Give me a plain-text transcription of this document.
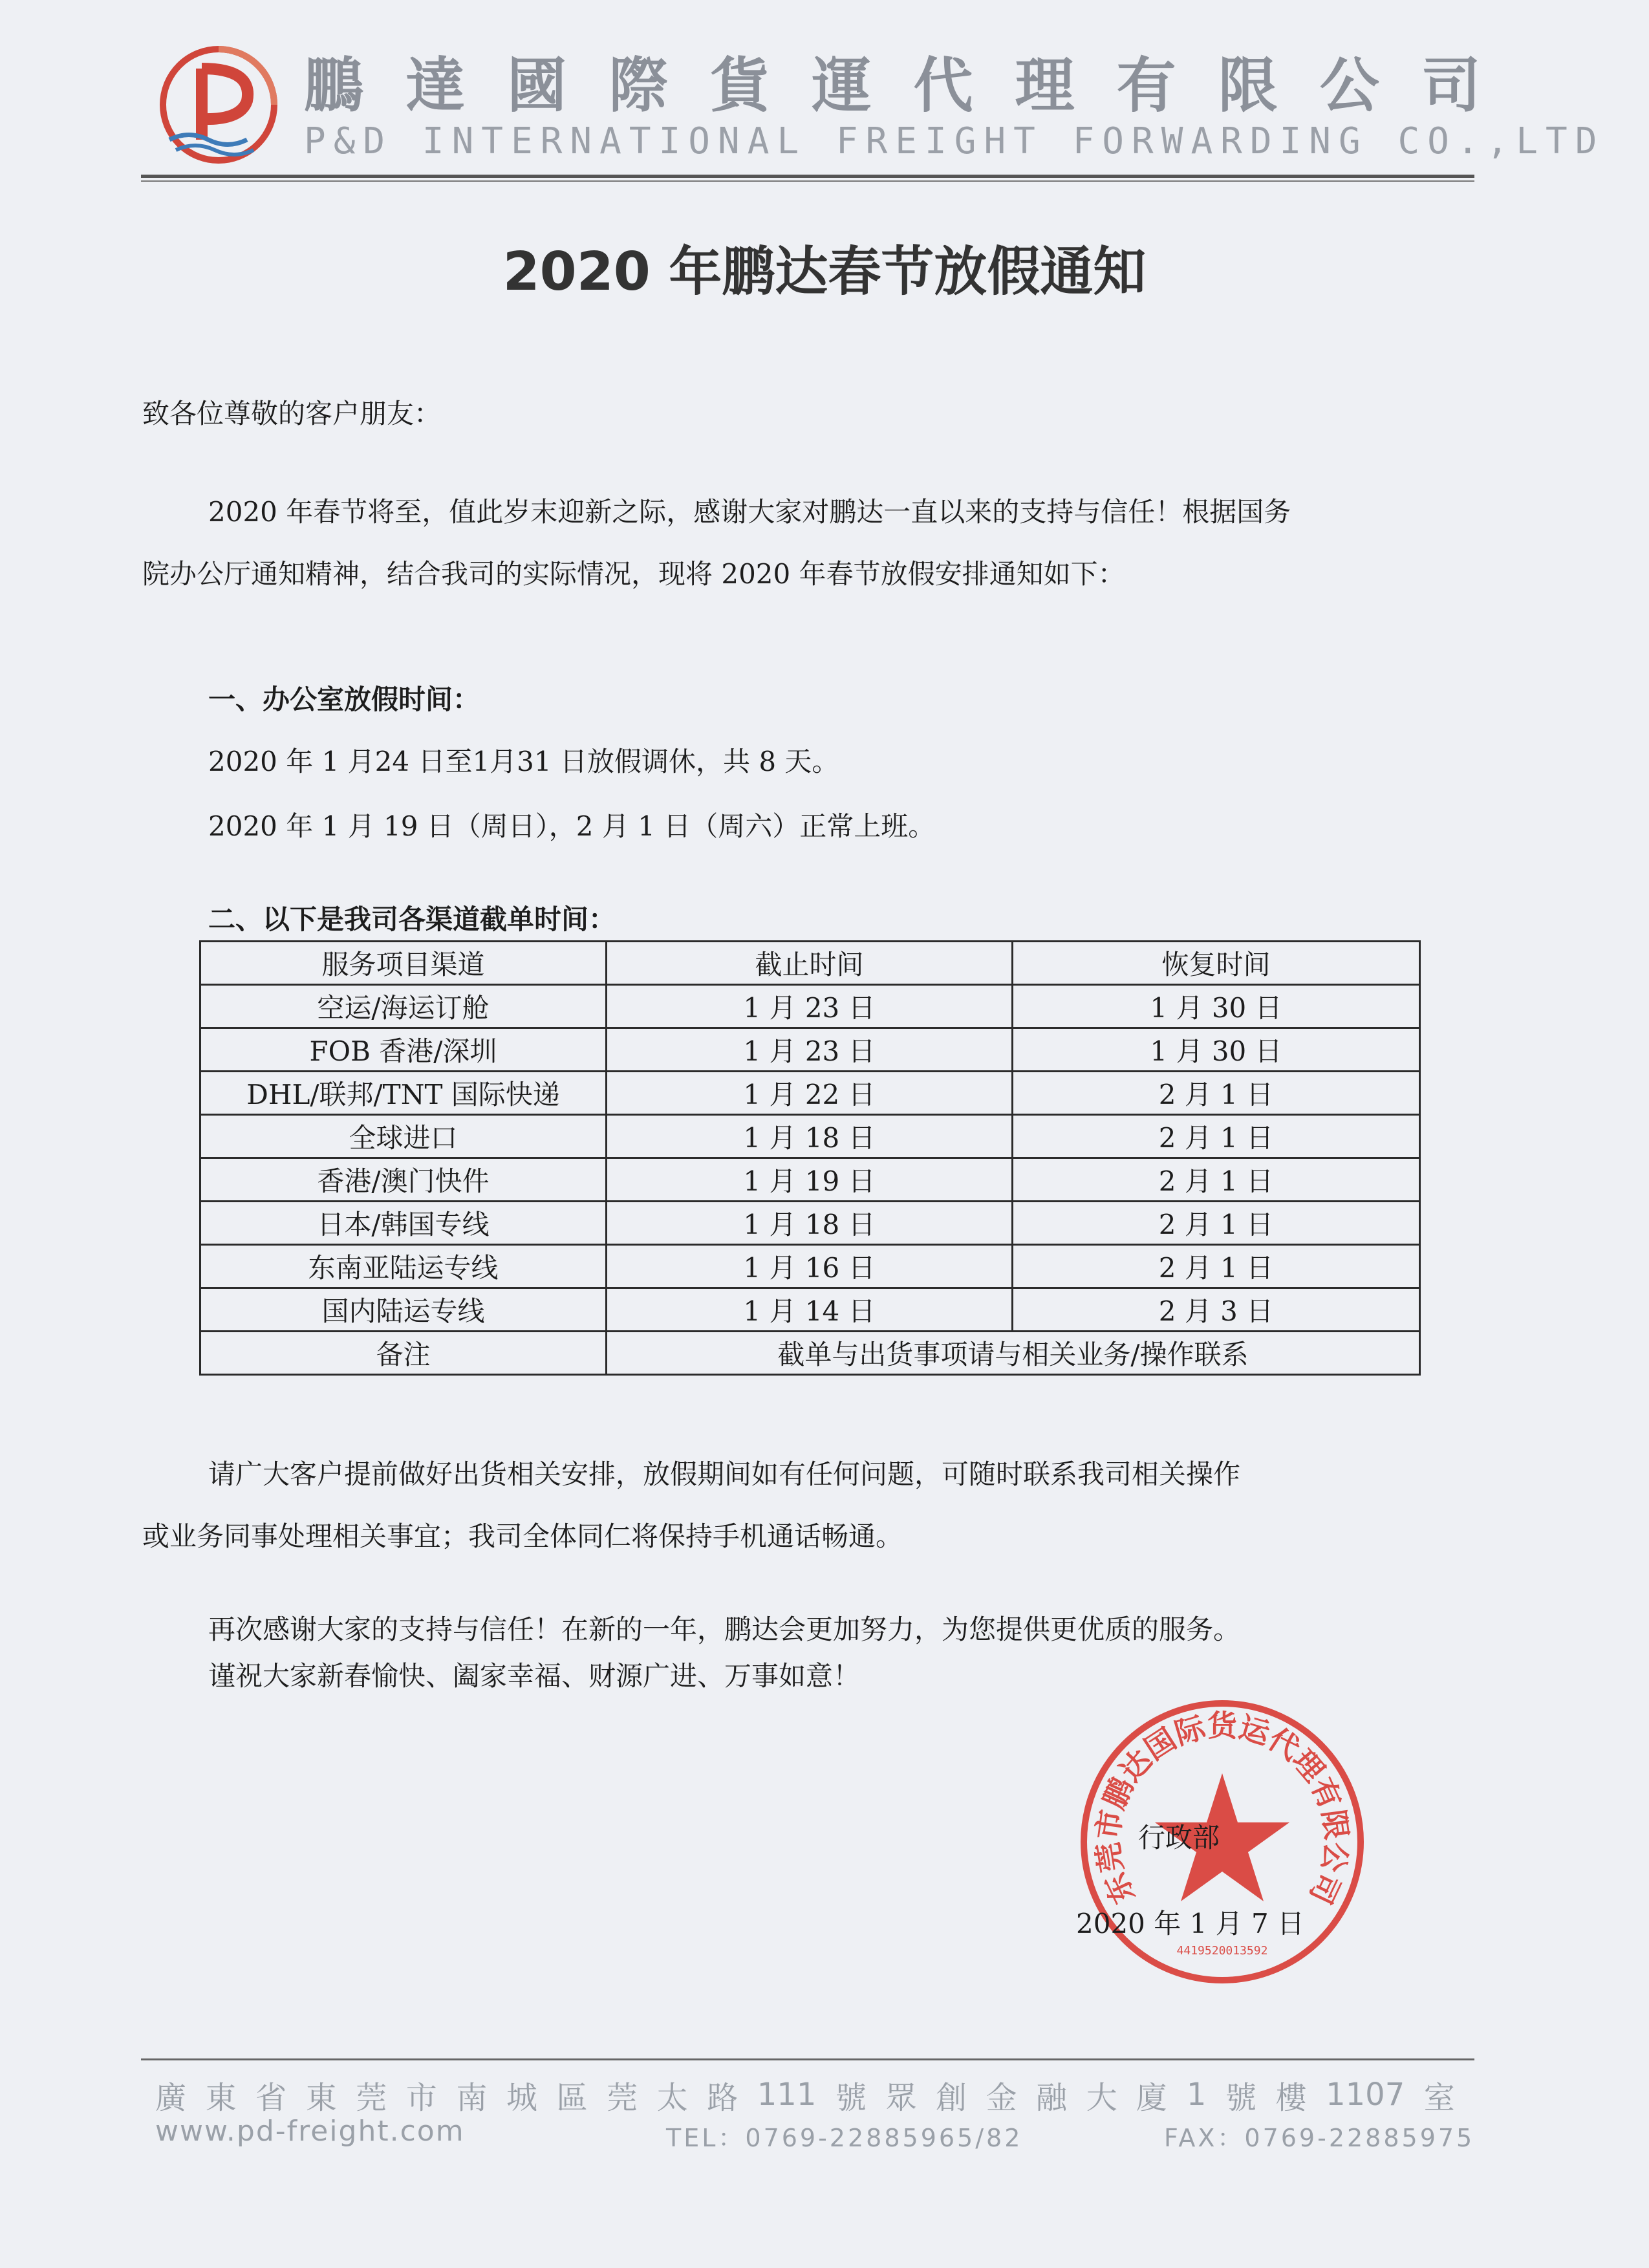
鵬 達 國 際 貨 運 代 理 有 限 公 司
P&D INTERNATIONAL FREIGHT FORWARDING CO.,LTD
2020 年鹏达春节放假通知
致各位尊敬的客户朋友：
2020 年春节将至，值此岁末迎新之际，感谢大家对鹏达一直以来的支持与信任！根据国务
院办公厅通知精神，结合我司的实际情况，现将 2020 年春节放假安排通知如下：
一、办公室放假时间：
2020 年 1 月24 日至1月31 日放假调休，共 8 天。
2020 年 1 月 19 日（周日），2 月 1 日（周六）正常上班。
二、以下是我司各渠道截单时间：
服务项目渠道	截止时间	恢复时间
空运/海运订舱	1 月 23 日	1 月 30 日
FOB 香港/深圳	1 月 23 日	1 月 30 日
DHL/联邦/TNT 国际快递	1 月 22 日	2 月 1 日
全球进口	1 月 18 日	2 月 1 日
香港/澳门快件	1 月 19 日	2 月 1 日
日本/韩国专线	1 月 18 日	2 月 1 日
东南亚陆运专线	1 月 16 日	2 月 1 日
国内陆运专线	1 月 14 日	2 月 3 日
备注	截单与出货事项请与相关业务/操作联系	
请广大客户提前做好出货相关安排，放假期间如有任何问题，可随时联系我司相关操作
或业务同事处理相关事宜；我司全体同仁将保持手机通话畅通。
再次感谢大家的支持与信任！在新的一年，鹏达会更加努力，为您提供更优质的服务。
谨祝大家新春愉快、阖家幸福、财源广进、万事如意！
东莞市鹏达国际货运代理有限公司
4419520013592
行政部
2020 年 1 月 7 日
廣 東 省 東 莞 市 南 城 區 莞 太 路 111 號 眾 創 金 融 大 廈 1 號 樓 1107 室
www.pd-freight.com	TEL：0769-22885965/82	FAX：0769-22885975
